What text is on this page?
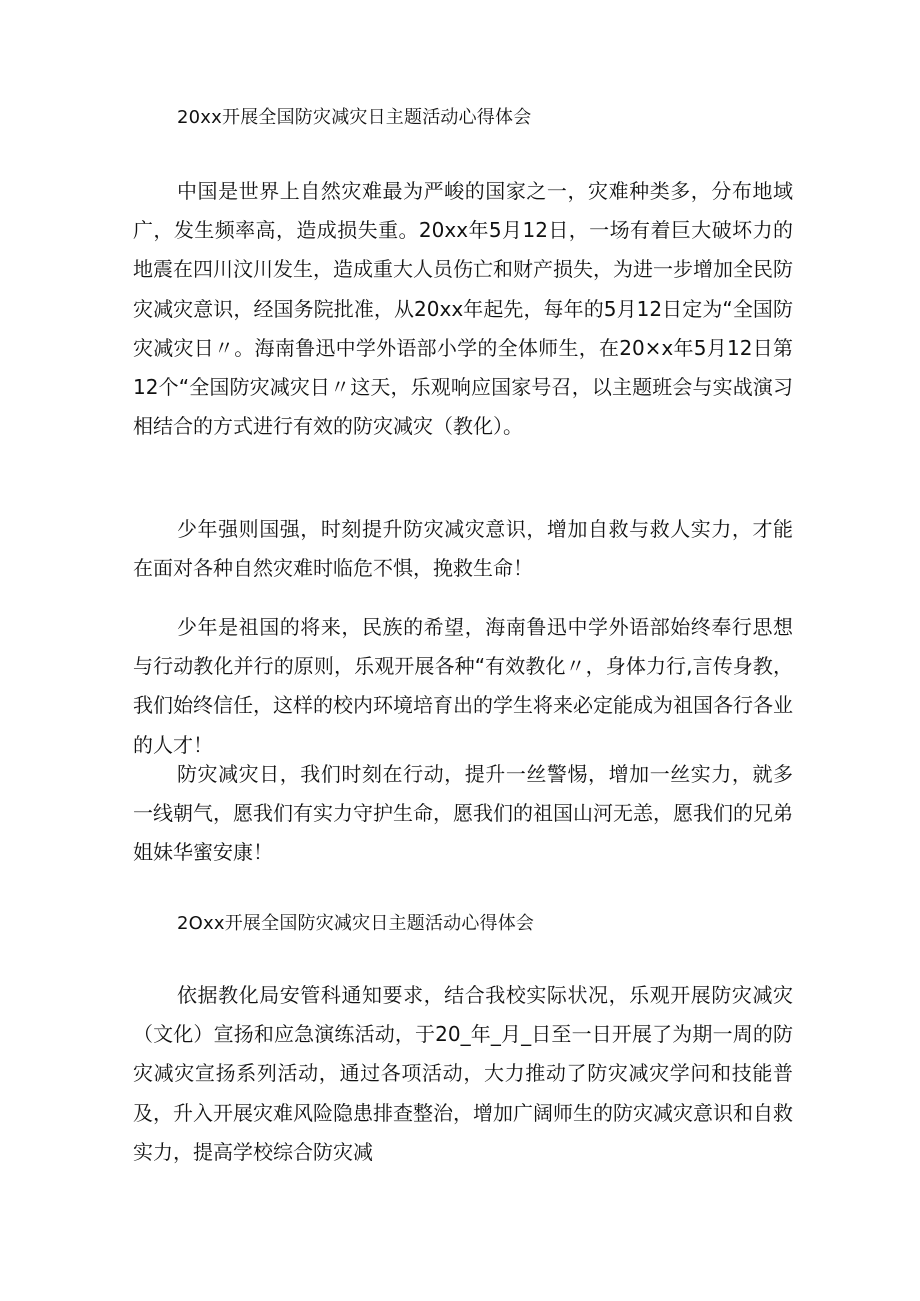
20xx开展全国防灾减灾日主题活动心得体会

中国是世界上自然灾难最为严峻的国家之一，灾难种类多，分布地域广，发生频率高，造成损失重。20xx年5月12日，一场有着巨大破坏力的地震在四川汶川发生，造成重大人员伤亡和财产损失，为进一步增加全民防灾减灾意识，经国务院批准，从20xx年起先，每年的5月12日定为“全国防灾减灾日〃。海南鲁迅中学外语部小学的全体师生，在20×x年5月12日第12个“全国防灾减灾日〃这天，乐观响应国家号召，以主题班会与实战演习相结合的方式进行有效的防灾减灾（教化）。

少年强则国强，时刻提升防灾减灾意识，增加自救与救人实力，才能在面对各种自然灾难时临危不惧，挽救生命！

少年是祖国的将来，民族的希望，海南鲁迅中学外语部始终奉行思想与行动教化并行的原则，乐观开展各种“有效教化〃，身体力行,言传身教，我们始终信任，这样的校内环境培育出的学生将来必定能成为祖国各行各业的人才！

防灾减灾日，我们时刻在行动，提升一丝警惕，增加一丝实力，就多一线朝气，愿我们有实力守护生命，愿我们的祖国山河无恙，愿我们的兄弟姐妹华蜜安康！

2Oxx开展全国防灾减灾日主题活动心得体会

依据教化局安管科通知要求，结合我校实际状况，乐观开展防灾减灾（文化）宣扬和应急演练活动，于20_年_月_日至一日开展了为期一周的防灾减灾宣扬系列活动，通过各项活动，大力推动了防灾减灾学问和技能普及，升入开展灾难风险隐患排查整治，增加广阔师生的防灾减灾意识和自救实力，提高学校综合防灾减
